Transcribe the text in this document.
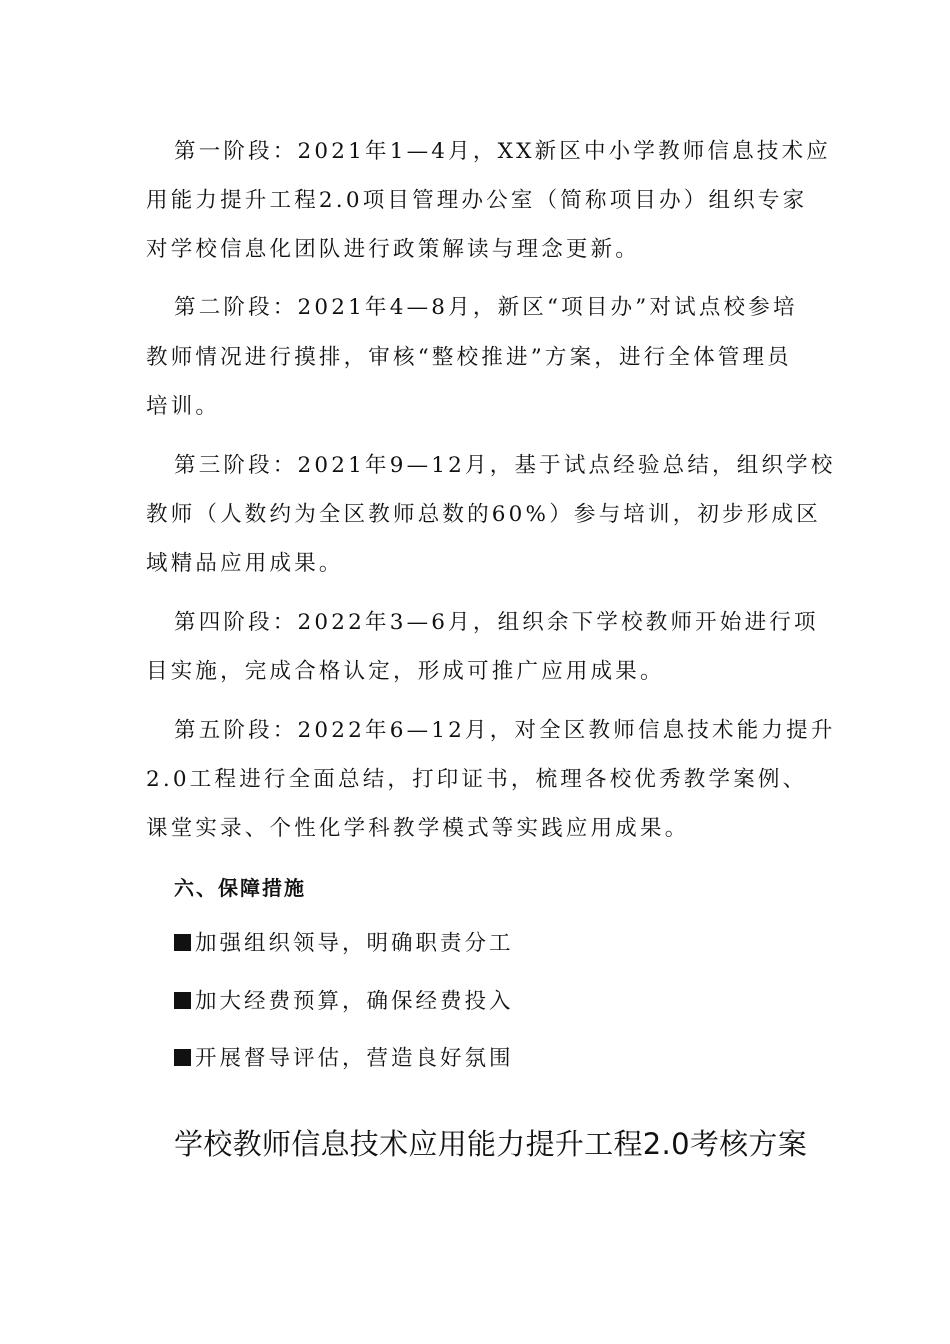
第一阶段：2021年1—4月，XX新区中小学教师信息技术应
用能力提升工程2.0项目管理办公室（简称项目办）组织专家
对学校信息化团队进行政策解读与理念更新。
第二阶段：2021年4—8月，新区“项目办”对试点校参培
教师情况进行摸排，审核“整校推进”方案，进行全体管理员
培训。
第三阶段：2021年9—12月，基于试点经验总结，组织学校
教师（人数约为全区教师总数的60%）参与培训，初步形成区
域精品应用成果。
第四阶段：2022年3—6月，组织余下学校教师开始进行项
目实施，完成合格认定，形成可推广应用成果。
第五阶段：2022年6—12月，对全区教师信息技术能力提升
2.0工程进行全面总结，打印证书，梳理各校优秀教学案例、
课堂实录、个性化学科教学模式等实践应用成果。
六、保障措施
加强组织领导，明确职责分工
加大经费预算，确保经费投入
开展督导评估，营造良好氛围
学校教师信息技术应用能力提升工程2.0考核方案
